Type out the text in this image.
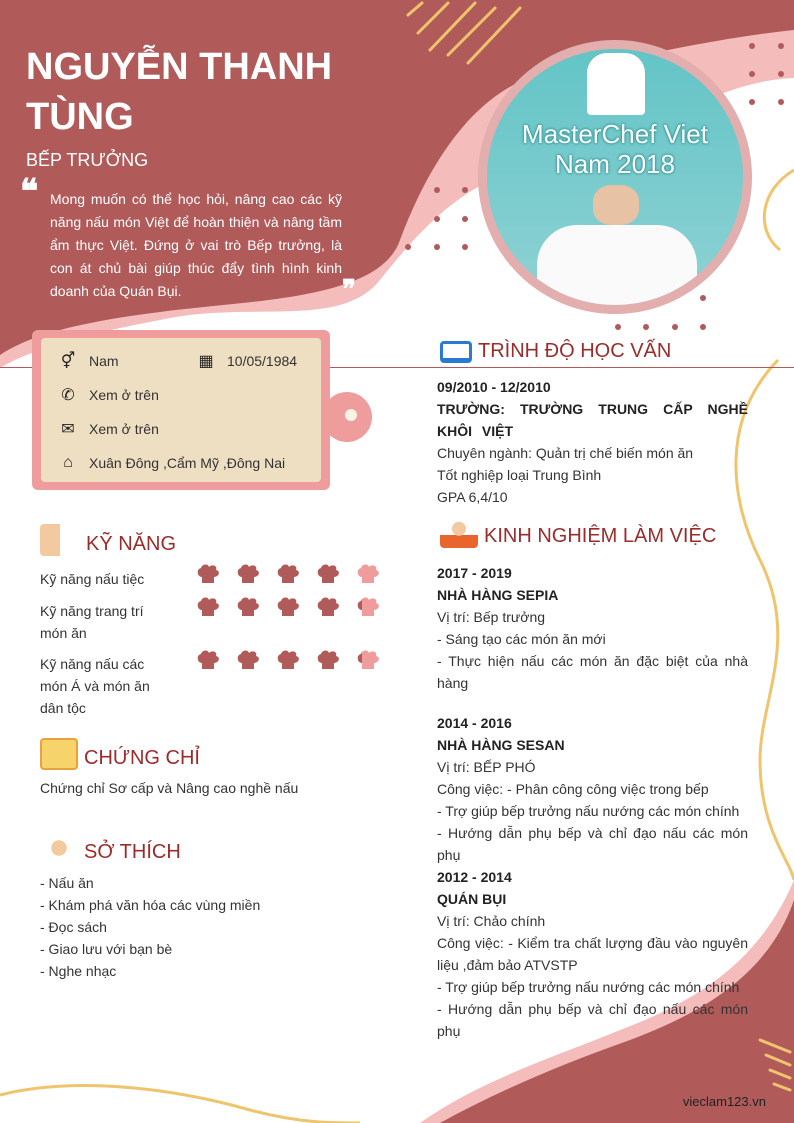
NGUYỄN THANH TÙNG
BẾP TRƯỞNG
❝ Mong muốn có thể học hỏi, nâng cao các kỹ năng nấu món Việt để hoàn thiện và nâng tầm ẩm thực Việt. Đứng ở vai trò Bếp trưởng, là con át chủ bài giúp thúc đẩy tình hình kinh doanh của Quán Bụi.	❞
MasterChef Viet Nam 2018
⚥ Nam	▦ 10/05/1984
✆ Xem ở trên
✉ Xem ở trên
⌂ Xuân Đông ,Cẩm Mỹ ,Đông Nai
KỸ NĂNG
Kỹ năng nấu tiệc
Kỹ năng trang trí món ăn
Kỹ năng nấu các món Á và món ăn dân tộc
CHỨNG CHỈ
Chứng chỉ Sơ cấp và Nâng cao nghề nấu
SỞ THÍCH
- Nấu ăn
- Khám phá văn hóa các vùng miền
- Đọc sách
- Giao lưu với bạn bè
- Nghe nhạc
TRÌNH ĐỘ HỌC VẤN
09/2010 - 12/2010
TRƯỜNG: TRƯỜNG TRUNG CẤP NGHỀ KHÔI VIỆT
Chuyên ngành: Quản trị chế biến món ăn
Tốt nghiệp loại Trung Bình
GPA 6,4/10
KINH NGHIỆM LÀM VIỆC
2017 - 2019
NHÀ HÀNG SEPIA
Vị trí: Bếp trưởng
- Sáng tạo các món ăn mới
- Thực hiện nấu các món ăn đặc biệt của nhà hàng
2014 - 2016
NHÀ HÀNG SESAN
Vị trí: BẾP PHÓ
Công việc: - Phân công công việc trong bếp
- Trợ giúp bếp trưởng nấu nướng các món chính
- Hướng dẫn phụ bếp và chỉ đạo nấu các món phụ
2012 - 2014
QUÁN BỤI
Vị trí: Chảo chính
Công việc: - Kiểm tra chất lượng đầu vào nguyên liệu ,đảm bảo ATVSTP
- Trợ giúp bếp trưởng nấu nướng các món chính
- Hướng dẫn phụ bếp và chỉ đạo nấu các món phụ
vieclam123.vn
